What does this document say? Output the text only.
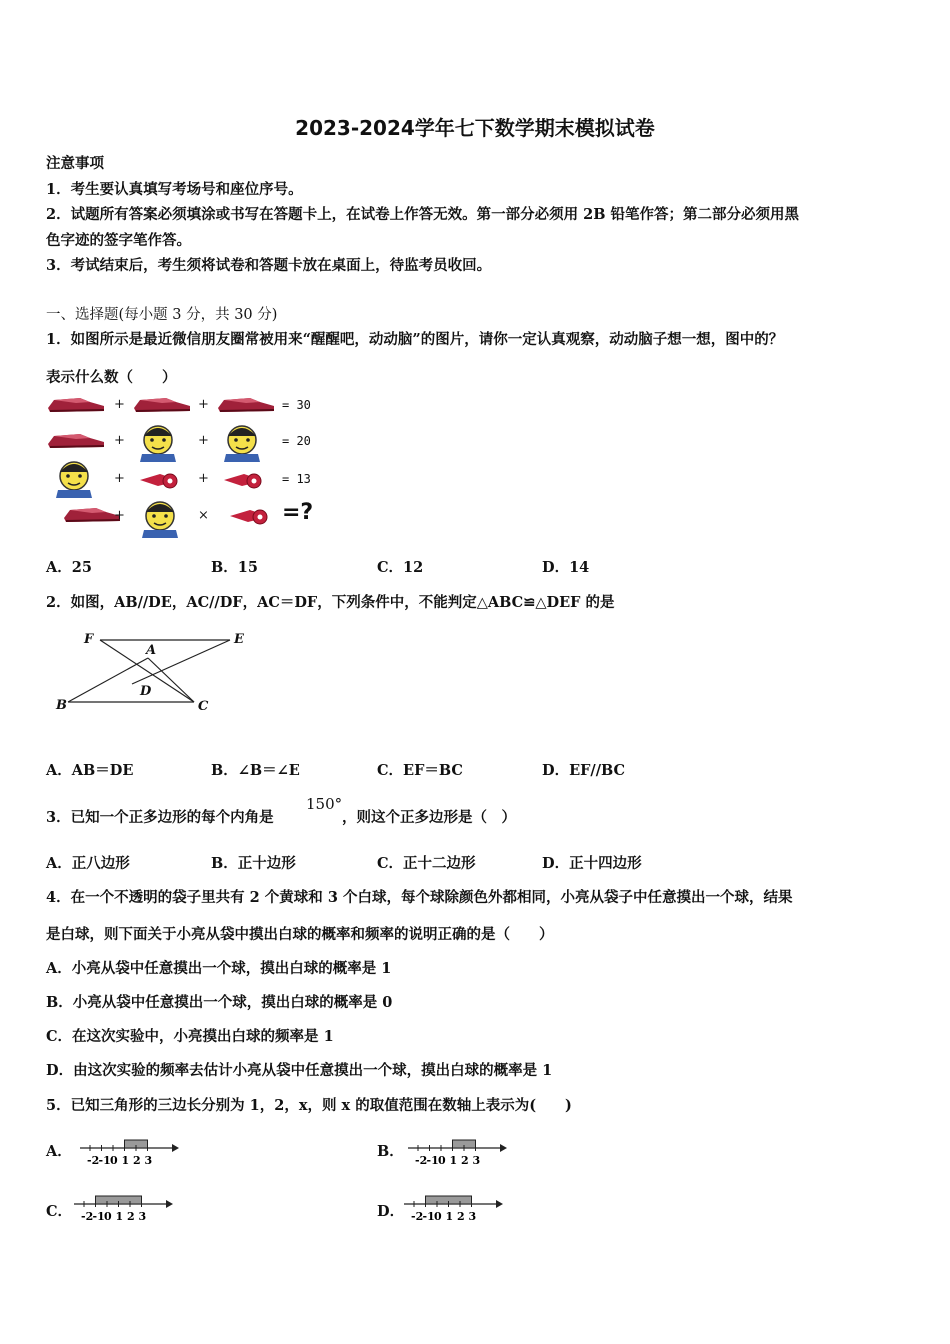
2023-2024学年七下数学期末模拟试卷
注意事项
1．考生要认真填写考场号和座位序号。
2．试题所有答案必须填涂或书写在答题卡上，在试卷上作答无效。第一部分必须用 2B 铅笔作答；第二部分必须用黑
色字迹的签字笔作答。
3．考试结束后，考生须将试卷和答题卡放在桌面上，待监考员收回。
一、选择题(每小题 3 分，共 30 分)
1．如图所示是最近微信朋友圈常被用来“醒醒吧，动动脑”的图片，请你一定认真观察，动动脑子想一想，图中的？
表示什么数（　　）
+	+	= 30
+	+	= 20
+	+	= 13
+	×	=?
A．25	B．15	C．12	D．14
2．如图，AB//DE，AC//DF，AC＝DF，下列条件中，不能判定△ABC≌△DEF 的是
F
A
E
D
B	C
A．AB＝DE	B．∠B＝∠E	C．EF＝BC	D．EF//BC
3．已知一个正多边形的每个内角是
150°
，则这个正多边形是（　）
A．正八边形	B．正十边形	C．正十二边形	D．正十四边形
4．在一个不透明的袋子里共有 2 个黄球和 3 个白球，每个球除颜色外都相同，小亮从袋子中任意摸出一个球，结果
是白球，则下面关于小亮从袋中摸出白球的概率和频率的说明正确的是（　　）
A．小亮从袋中任意摸出一个球，摸出白球的概率是 1
B．小亮从袋中任意摸出一个球，摸出白球的概率是 0
C．在这次实验中，小亮摸出白球的频率是 1
D．由这次实验的频率去估计小亮从袋中任意摸出一个球，摸出白球的概率是 1
5．已知三角形的三边长分别为 1，2，x，则 x 的取值范围在数轴上表示为(　　)
A．	B．
C．	D．
-2 -1 0 1 2 3	-2 -1 0 1 2 3
-2 -1 0 1 2 3	-2 -1 0 1 2 3
